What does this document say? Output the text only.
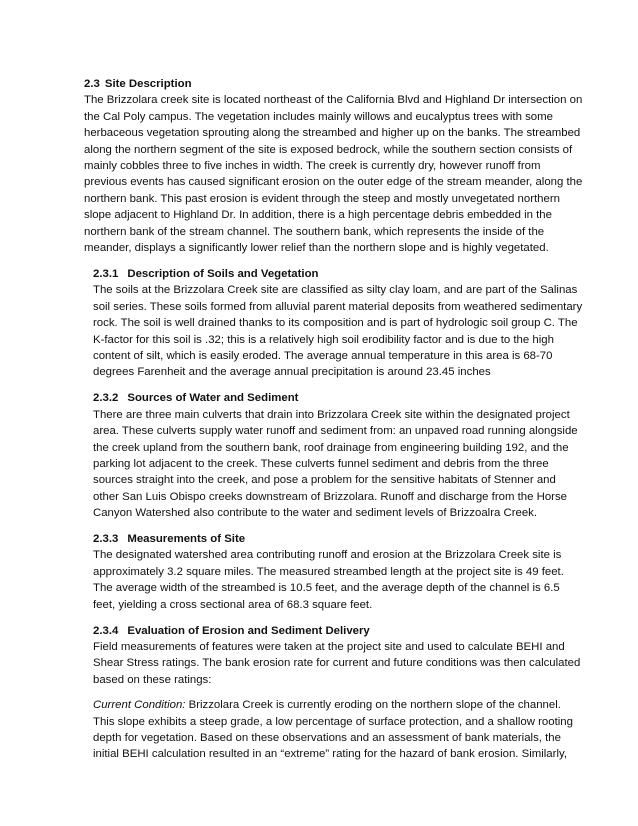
2.3 Site Description

The Brizzolara creek site is located northeast of the California Blvd and Highland Dr intersection on the Cal Poly campus. The vegetation includes mainly willows and eucalyptus trees with some herbaceous vegetation sprouting along the streambed and higher up on the banks. The streambed along the northern segment of the site is exposed bedrock, while the southern section consists of mainly cobbles three to five inches in width. The creek is currently dry, however runoff from previous events has caused significant erosion on the outer edge of the stream meander, along the northern bank. This past erosion is evident through the steep and mostly unvegetated northern slope adjacent to Highland Dr. In addition, there is a high percentage debris embedded in the northern bank of the stream channel. The southern bank, which represents the inside of the meander, displays a significantly lower relief than the northern slope and is highly vegetated.

2.3.1 Description of Soils and Vegetation

The soils at the Brizzolara Creek site are classified as silty clay loam, and are part of the Salinas soil series. These soils formed from alluvial parent material deposits from weathered sedimentary rock. The soil is well drained thanks to its composition and is part of hydrologic soil group C. The K-factor for this soil is .32; this is a relatively high soil erodibility factor and is due to the high content of silt, which is easily eroded. The average annual temperature in this area is 68-70 degrees Farenheit and the average annual precipitation is around 23.45 inches

2.3.2 Sources of Water and Sediment

There are three main culverts that drain into Brizzolara Creek site within the designated project area. These culverts supply water runoff and sediment from: an unpaved road running alongside the creek upland from the southern bank, roof drainage from engineering building 192, and the parking lot adjacent to the creek. These culverts funnel sediment and debris from the three sources straight into the creek, and pose a problem for the sensitive habitats of Stenner and other San Luis Obispo creeks downstream of Brizzolara. Runoff and discharge from the Horse Canyon Watershed also contribute to the water and sediment levels of Brizzoalra Creek.

2.3.3 Measurements of Site

The designated watershed area contributing runoff and erosion at the Brizzolara Creek site is approximately 3.2 square miles. The measured streambed length at the project site is 49 feet. The average width of the streambed is 10.5 feet, and the average depth of the channel is 6.5 feet, yielding a cross sectional area of 68.3 square feet.

2.3.4 Evaluation of Erosion and Sediment Delivery

Field measurements of features were taken at the project site and used to calculate BEHI and Shear Stress ratings. The bank erosion rate for current and future conditions was then calculated based on these ratings:

Current Condition: Brizzolara Creek is currently eroding on the northern slope of the channel. This slope exhibits a steep grade, a low percentage of surface protection, and a shallow rooting depth for vegetation. Based on these observations and an assessment of bank materials, the initial BEHI calculation resulted in an “extreme” rating for the hazard of bank erosion. Similarly,
